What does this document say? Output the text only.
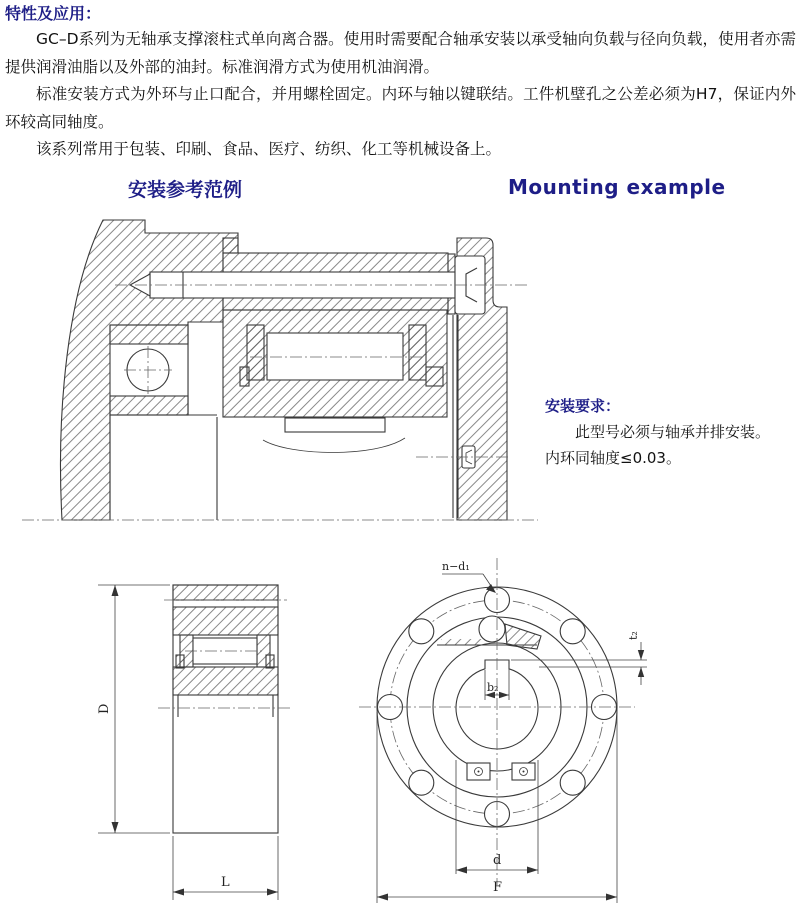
特性及应用：

GC–D系列为无轴承支撑滚柱式单向离合器。使用时需要配合轴承安装以承受轴向负载与径向负载，使用者亦需提供润滑油脂以及外部的油封。标准润滑方式为使用机油润滑。

标准安装方式为外环与止口配合，并用螺栓固定。内环与轴以键联结。工件机壁孔之公差必须为H7，保证内外环较高同轴度。

该系列常用于包装、印刷、食品、医疗、纺织、化工等机械设备上。

安装参考范例	Mounting example

安装要求：

此型号必须与轴承并排安装。

内环同轴度≤0.03。

D
L
n−d₁
b₂
t₂
d
F
